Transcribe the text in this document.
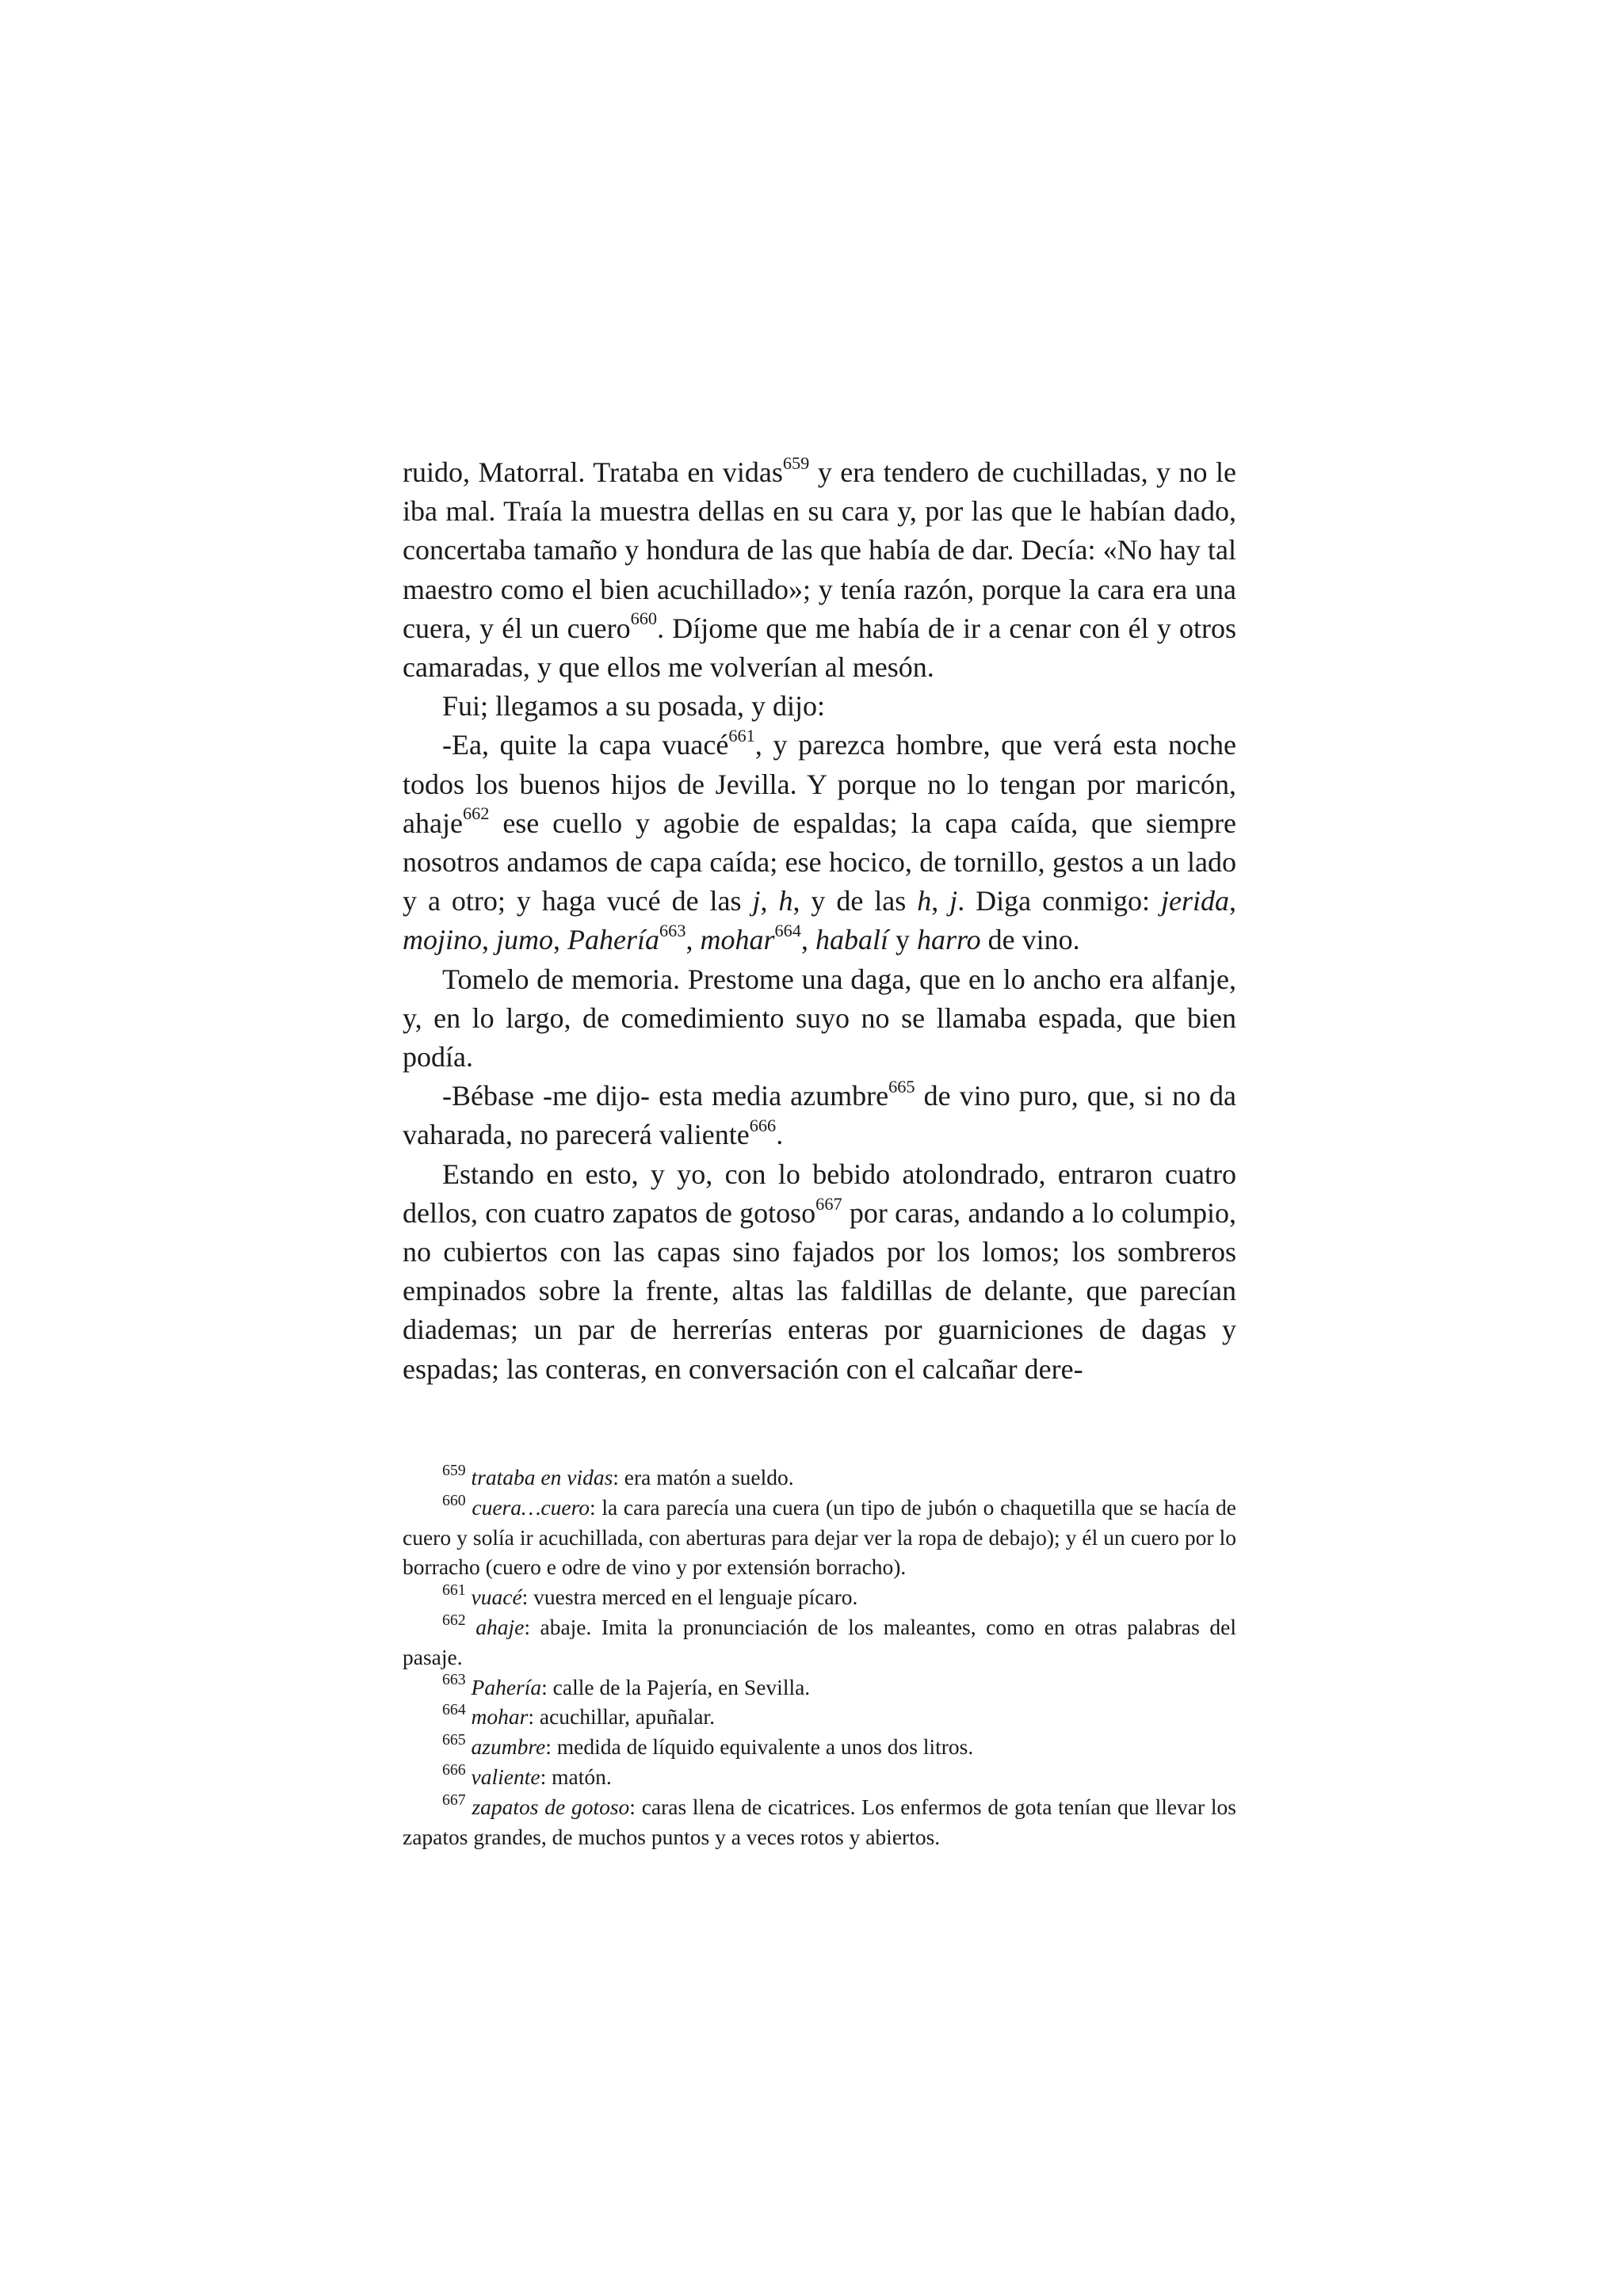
ruido, Matorral. Trataba en vidas$^{659}$ y era tendero de cuchilladas, y no le iba mal. Traía la muestra dellas en su cara y, por las que le habían dado, concertaba tamaño y hondura de las que había de dar. Decía: «No hay tal maestro como el bien acuchillado»; y tenía razón, porque la cara era una cuera, y él un cuero$^{660}$. Díjome que me había de ir a cenar con él y otros camaradas, y que ellos me volverían al mesón.

Fui; llegamos a su posada, y dijo:

-Ea, quite la capa vuacé$^{661}$, y parezca hombre, que verá esta noche todos los buenos hijos de Jevilla. Y porque no lo tengan por maricón, ahaje$^{662}$ ese cuello y agobie de espaldas; la capa caída, que siempre nosotros andamos de capa caída; ese hocico, de tornillo, gestos a un lado y a otro; y haga vucé de las j, h, y de las h, j. Diga conmigo: jerida, mojino, jumo, Pahería$^{663}$, mohar$^{664}$, habalí y harro de vino.

Tomelo de memoria. Prestome una daga, que en lo ancho era alfanje, y, en lo largo, de comedimiento suyo no se llamaba espada, que bien podía.

-Bébase -me dijo- esta media azumbre$^{665}$ de vino puro, que, si no da vaharada, no parecerá valiente$^{666}$.

Estando en esto, y yo, con lo bebido atolondrado, entraron cuatro dellos, con cuatro zapatos de gotoso$^{667}$ por caras, andando a lo columpio, no cubiertos con las capas sino fajados por los lomos; los sombreros empinados sobre la frente, altas las faldillas de delante, que parecían diademas; un par de herrerías enteras por guarniciones de dagas y espadas; las conteras, en conversación con el calcañar dere-

$^{659}$ trataba en vidas: era matón a sueldo.

$^{660}$ cuera…cuero: la cara parecía una cuera (un tipo de jubón o chaquetilla que se hacía de cuero y solía ir acuchillada, con aberturas para dejar ver la ropa de debajo); y él un cuero por lo borracho (cuero e odre de vino y por extensión borracho).

$^{661}$ vuacé: vuestra merced en el lenguaje pícaro.

$^{662}$ ahaje: abaje. Imita la pronunciación de los maleantes, como en otras palabras del pasaje.

$^{663}$ Pahería: calle de la Pajería, en Sevilla.

$^{664}$ mohar: acuchillar, apuñalar.

$^{665}$ azumbre: medida de líquido equivalente a unos dos litros.

$^{666}$ valiente: matón.

$^{667}$ zapatos de gotoso: caras llena de cicatrices. Los enfermos de gota tenían que llevar los zapatos grandes, de muchos puntos y a veces rotos y abiertos.
